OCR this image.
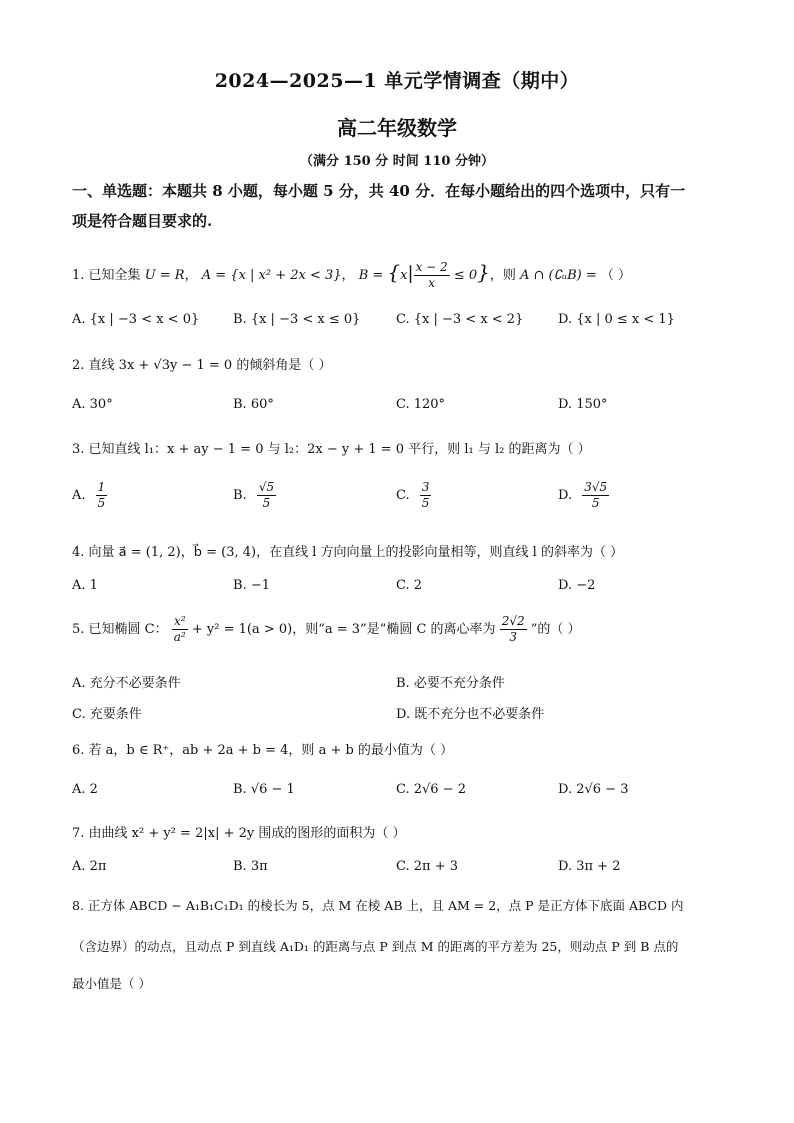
2024—2025—1 单元学情调查（期中）
高二年级数学
（满分 150 分 时间 110 分钟）
一、单选题：本题共 8 小题，每小题 5 分，共 40 分．在每小题给出的四个选项中，只有一
项是符合题目要求的.
1. 已知全集 U = R， A = {x | x² + 2x < 3}， $B = \{x| \frac{x - 2}{x} \le 0\}$，则 A ∩ (∁ᵤB) = （ ）
A. {x | −3 < x < 0}	B. {x | −3 < x ≤ 0}	C. {x | −3 < x < 2}	D. {x | 0 ≤ x < 1}
2. 直线 3x + √3y − 1 = 0 的倾斜角是（ ）
A. 30°	B. 60°	C. 120°	D. 150°
3. 已知直线 l₁：x + ay − 1 = 0 与 l₂：2x − y + 1 = 0 平行，则 l₁ 与 l₂ 的距离为（ ）
A. $\frac{1}{5}$	B. $\frac{√5}{5}$	C. $\frac{3}{5}$	D. $\frac{3√5}{5}$
4. 向量 a⃗ = (1, 2)，b⃗ = (3, 4)，在直线 l 方向向量上的投影向量相等，则直线 l 的斜率为（ ）
A. 1	B. −1	C. 2	D. −2
5. 已知椭圆 C： $\frac{\text{x²}}{\text{a²}} + y^2 = 1(a > 0)$，则“a = 3”是“椭圆 C 的离心率为 $\frac{2√2}{3}$ ”的（ ）
A. 充分不必要条件	B. 必要不充分条件
C. 充要条件	D. 既不充分也不必要条件
6. 若 a，b ∈ R⁺，ab + 2a + b = 4，则 a + b 的最小值为（ ）
A. 2	B. √6 − 1	C. 2√6 − 2	D. 2√6 − 3
7. 由曲线 x² + y² = 2|x| + 2y 围成的图形的面积为（ ）
A. 2π	B. 3π	C. 2π + 3	D. 3π + 2
8. 正方体 ABCD − A₁B₁C₁D₁ 的棱长为 5，点 M 在棱 AB 上，且 AM = 2，点 P 是正方体下底面 ABCD 内
（含边界）的动点，且动点 P 到直线 A₁D₁ 的距离与点 P 到点 M 的距离的平方差为 25，则动点 P 到 B 点的
最小值是（ ）
